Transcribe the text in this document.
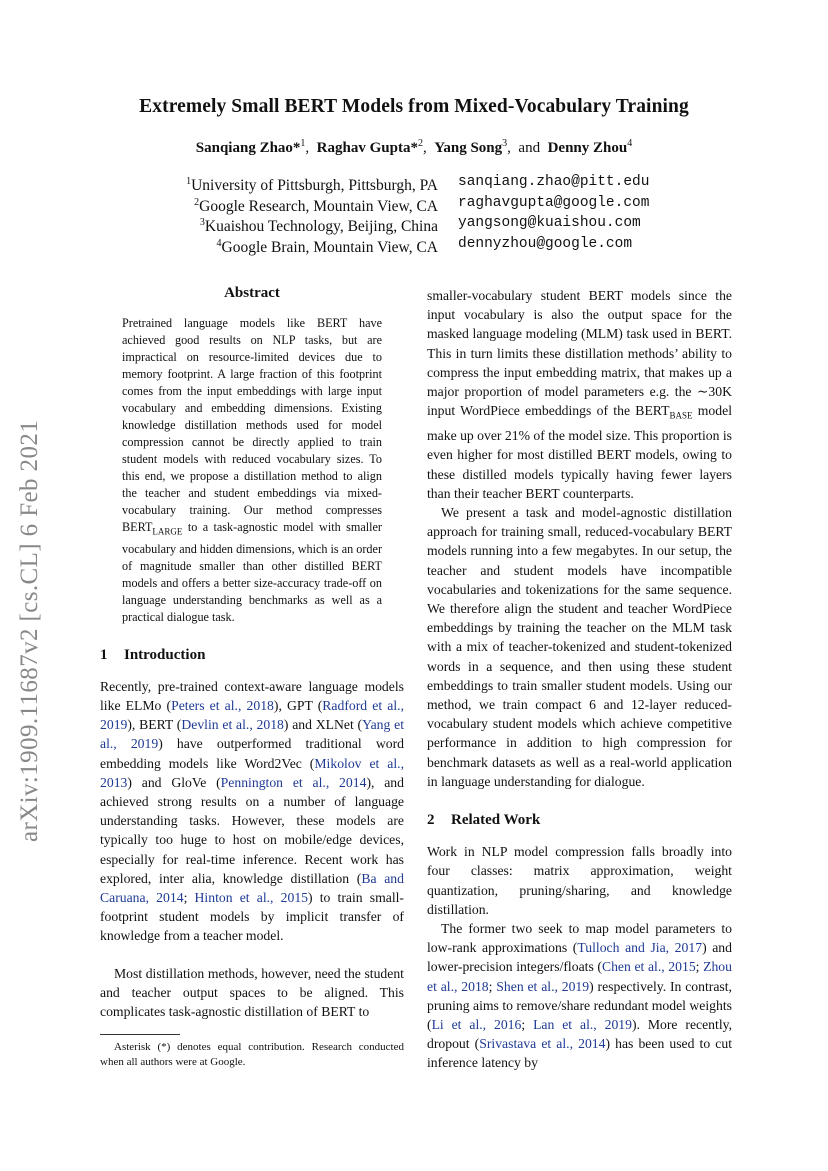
Extremely Small BERT Models from Mixed-Vocabulary Training
Sanqiang Zhao*$^1$, Raghav Gupta*$^2$, Yang Song$^3$, and Denny Zhou$^4$
$^1$University of Pittsburgh, Pittsburgh, PA sanqiang.zhao@pitt.edu
$^2$Google Research, Mountain View, CA raghavgupta@google.com
$^3$Kuaishou Technology, Beijing, China yangsong@kuaishou.com
$^4$Google Brain, Mountain View, CA dennyzhou@google.com
arXiv:1909.11687v2 [cs.CL] 6 Feb 2021
Abstract
Pretrained language models like BERT have achieved good results on NLP tasks, but are impractical on resource-limited devices due to memory footprint. A large fraction of this footprint comes from the input embeddings with large input vocabulary and embedding dimensions. Existing knowledge distillation methods used for model compression cannot be directly applied to train student models with reduced vocabulary sizes. To this end, we propose a distillation method to align the teacher and student embeddings via mixed-vocabulary training. Our method compresses $BERT_{LARGE}$ to a task-agnostic model with smaller vocabulary and hidden dimensions, which is an order of magnitude smaller than other distilled BERT models and offers a better size-accuracy trade-off on language understanding benchmarks as well as a practical dialogue task.
1 Introduction

Recently, pre-trained context-aware language models like ELMo (Peters et al., 2018), GPT (Radford et al., 2019), BERT (Devlin et al., 2018) and XLNet (Yang et al., 2019) have outperformed traditional word embedding models like Word2Vec (Mikolov et al., 2013) and GloVe (Pennington et al., 2014), and achieved strong results on a number of language understanding tasks. However, these models are typically too huge to host on mobile/edge devices, especially for real-time inference. Recent work has explored, inter alia, knowledge distillation (Ba and Caruana, 2014; Hinton et al., 2015) to train small-footprint student models by implicit transfer of knowledge from a teacher model.

Most distillation methods, however, need the student and teacher output spaces to be aligned. This complicates task-agnostic distillation of BERT to

Asterisk (*) denotes equal contribution. Research conducted when all authors were at Google.

smaller-vocabulary student BERT models since the input vocabulary is also the output space for the masked language modeling (MLM) task used in BERT. This in turn limits these distillation methods’ ability to compress the input embedding matrix, that makes up a major proportion of model parameters e.g. the ∼30K input WordPiece embeddings of the $BERT_{BASE}$ model make up over 21% of the model size. This proportion is even higher for most distilled BERT models, owing to these distilled models typically having fewer layers than their teacher BERT counterparts.

We present a task and model-agnostic distillation approach for training small, reduced-vocabulary BERT models running into a few megabytes. In our setup, the teacher and student models have incompatible vocabularies and tokenizations for the same sequence. We therefore align the student and teacher WordPiece embeddings by training the teacher on the MLM task with a mix of teacher-tokenized and student-tokenized words in a sequence, and then using these student embeddings to train smaller student models. Using our method, we train compact 6 and 12-layer reduced-vocabulary student models which achieve competitive performance in addition to high compression for benchmark datasets as well as a real-world application in language understanding for dialogue.

2 Related Work

Work in NLP model compression falls broadly into four classes: matrix approximation, weight quantization, pruning/sharing, and knowledge distillation.

The former two seek to map model parameters to low-rank approximations (Tulloch and Jia, 2017) and lower-precision integers/floats (Chen et al., 2015; Zhou et al., 2018; Shen et al., 2019) respectively. In contrast, pruning aims to remove/share redundant model weights (Li et al., 2016; Lan et al., 2019). More recently, dropout (Srivastava et al., 2014) has been used to cut inference latency by
